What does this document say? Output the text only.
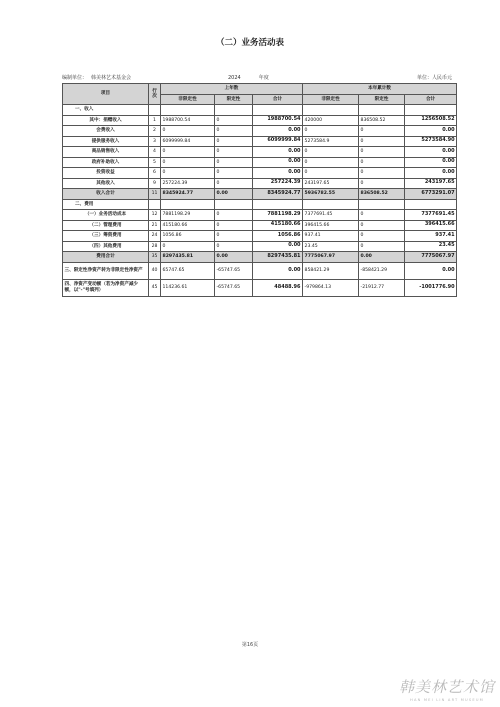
（二）业务活动表
编制单位： 韩美林艺术基金会	2024	年度	单位：人民币元
项目	行次	上年数			本年累计数		
		非限定性	限定性	合计	非限定性	限定性	合计
一、收入							
其中：捐赠收入	1	1988700.54	0	1988700.54	420000	836508.52	1256508.52
会费收入	2	0	0	0.00	0	0	0.00
提供服务收入	3	6099999.84	0	6099999.84	5273584.9	0	5273584.90
商品销售收入	4	0	0	0.00	0	0	0.00
政府补助收入	5	0	0	0.00	0	0	0.00
投资收益	6	0	0	0.00	0	0	0.00
其他收入	9	257224.39	0	257224.39	243197.65	0	243197.65
收入合计	11	8345924.77	0.00	8345924.77	5936782.55	836508.52	6773291.07
二、费用							
（一）业务活动成本	12	7881198.29	0	7881198.29	7377691.45	0	7377691.45
（二）管理费用	21	415180.66	0	415180.66	396415.66	0	396415.66
（三）筹资费用	24	1056.86	0	1056.86	937.41	0	937.41
（四）其他费用	28	0	0	0.00	23.45	0	23.45
费用合计	35	8297435.81	0.00	8297435.81	7775067.97	0.00	7775067.97
三、限定性净资产转为非限定性净资产	40	65747.65	-65747.65	0.00	858421.29	-858421.29	0.00
四、净资产变动额（若为净资产减少额，以"-"号填列）	45	114236.61	-65747.65	48488.96	-979864.13	-21912.77	-1001776.90
第16页
韩美林艺术馆
HAN MEI LIN ART MUSEUM
